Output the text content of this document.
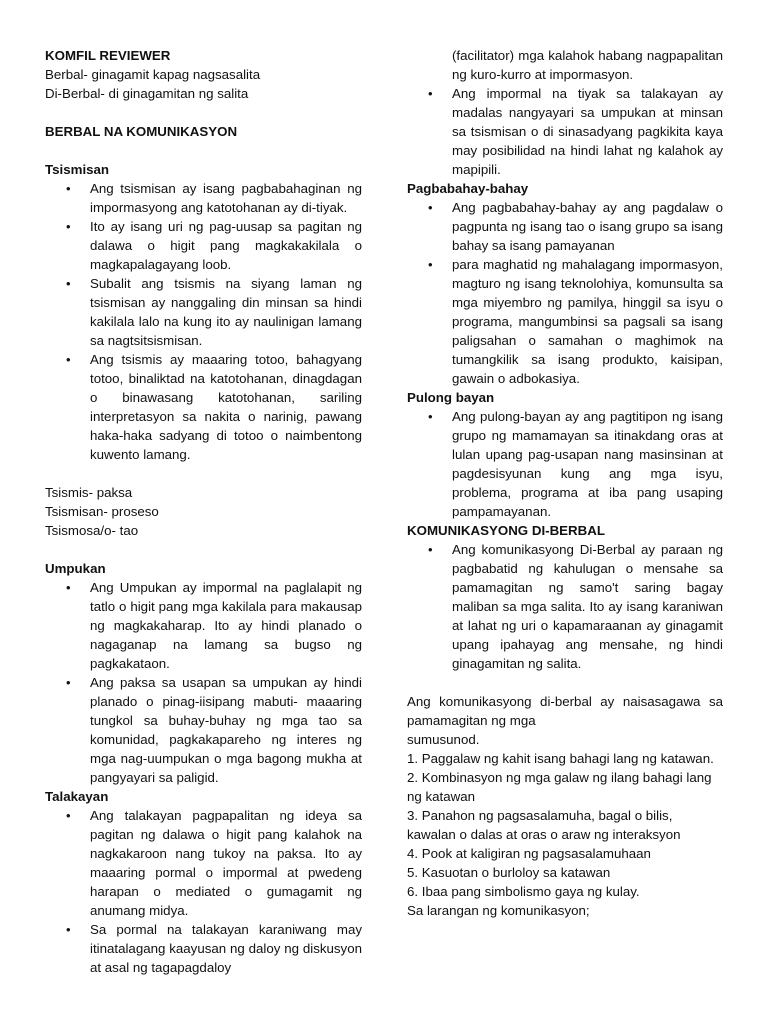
KOMFIL REVIEWER

Berbal- ginagamit kapag nagsasalita

Di-Berbal- di ginagamitan ng salita

BERBAL NA KOMUNIKASYON

Tsismisan

• Ang tsismisan ay isang pagbabahaginan ng impormasyong ang katotohanan ay di-tiyak.
• Ito ay isang uri ng pag-uusap sa pagitan ng dalawa o higit pang magkakakilala o magkapalagayang loob.
• Subalit ang tsismis na siyang laman ng tsismisan ay nanggaling din minsan sa hindi kakilala lalo na kung ito ay naulinigan lamang sa nagtsitsismisan.
• Ang tsismis ay maaaring totoo, bahagyang totoo, binaliktad na katotohanan, dinagdagan o binawasang katotohanan, sariling interpretasyon sa nakita o narinig, pawang haka-haka sadyang di totoo o naimbentong kuwento lamang.

Tsismis- paksa

Tsismisan- proseso

Tsismosa/o- tao

Umpukan

• Ang Umpukan ay impormal na paglalapit ng tatlo o higit pang mga kakilala para makausap ng magkakaharap. Ito ay hindi planado o nagaganap na lamang sa bugso ng pagkakataon.
• Ang paksa sa usapan sa umpukan ay hindi planado o pinag-iisipang mabuti- maaaring tungkol sa buhay-buhay ng mga tao sa komunidad, pagkakapareho ng interes ng mga nag-uumpukan o mga bagong mukha at pangyayari sa paligid.

Talakayan

• Ang talakayan pagpapalitan ng ideya sa pagitan ng dalawa o higit pang kalahok na nagkakaroon nang tukoy na paksa. Ito ay maaaring pormal o impormal at pwedeng harapan o mediated o gumagamit ng anumang midya.
• Sa pormal na talakayan karaniwang may itinatalagang kaayusan ng daloy ng diskusyon at asal ng tagapagdaloy

(facilitator) mga kalahok habang nagpapalitan ng kuro-kurro at impormasyon.

• Ang impormal na tiyak sa talakayan ay madalas nangyayari sa umpukan at minsan sa tsismisan o di sinasadyang pagkikita kaya may posibilidad na hindi lahat ng kalahok ay mapipili.

Pagbabahay-bahay

• Ang pagbabahay-bahay ay ang pagdalaw o pagpunta ng isang tao o isang grupo sa isang bahay sa isang pamayanan
• para maghatid ng mahalagang impormasyon, magturo ng isang teknolohiya, komunsulta sa mga miyembro ng pamilya, hinggil sa isyu o programa, mangumbinsi sa pagsali sa isang paligsahan o samahan o maghimok na tumangkilik sa isang produkto, kaisipan, gawain o adbokasiya.

Pulong bayan

• Ang pulong-bayan ay ang pagtitipon ng isang grupo ng mamamayan sa itinakdang oras at lulan upang pag-usapan nang masinsinan at pagdesisyunan kung ang mga isyu, problema, programa at iba pang usaping pampamayanan.

KOMUNIKASYONG DI-BERBAL

• Ang komunikasyong Di-Berbal ay paraan ng pagbabatid ng kahulugan o mensahe sa pamamagitan ng samo't saring bagay maliban sa mga salita. Ito ay isang karaniwan at lahat ng uri o kapamaraanan ay ginagamit upang ipahayag ang mensahe, ng hindi ginagamitan ng salita.

Ang komunikasyong di-berbal ay naisasagawa sa

pamamagitan ng mga

sumusunod.

1. Paggalaw ng kahit isang bahagi lang ng katawan.

2. Kombinasyon ng mga galaw ng ilang bahagi lang ng katawan

3. Panahon ng pagsasalamuha, bagal o bilis, kawalan o dalas at oras o araw ng interaksyon

4. Pook at kaligiran ng pagsasalamuhaan

5. Kasuotan o burloloy sa katawan

6. Ibaa pang simbolismo gaya ng kulay.

Sa larangan ng komunikasyon;
